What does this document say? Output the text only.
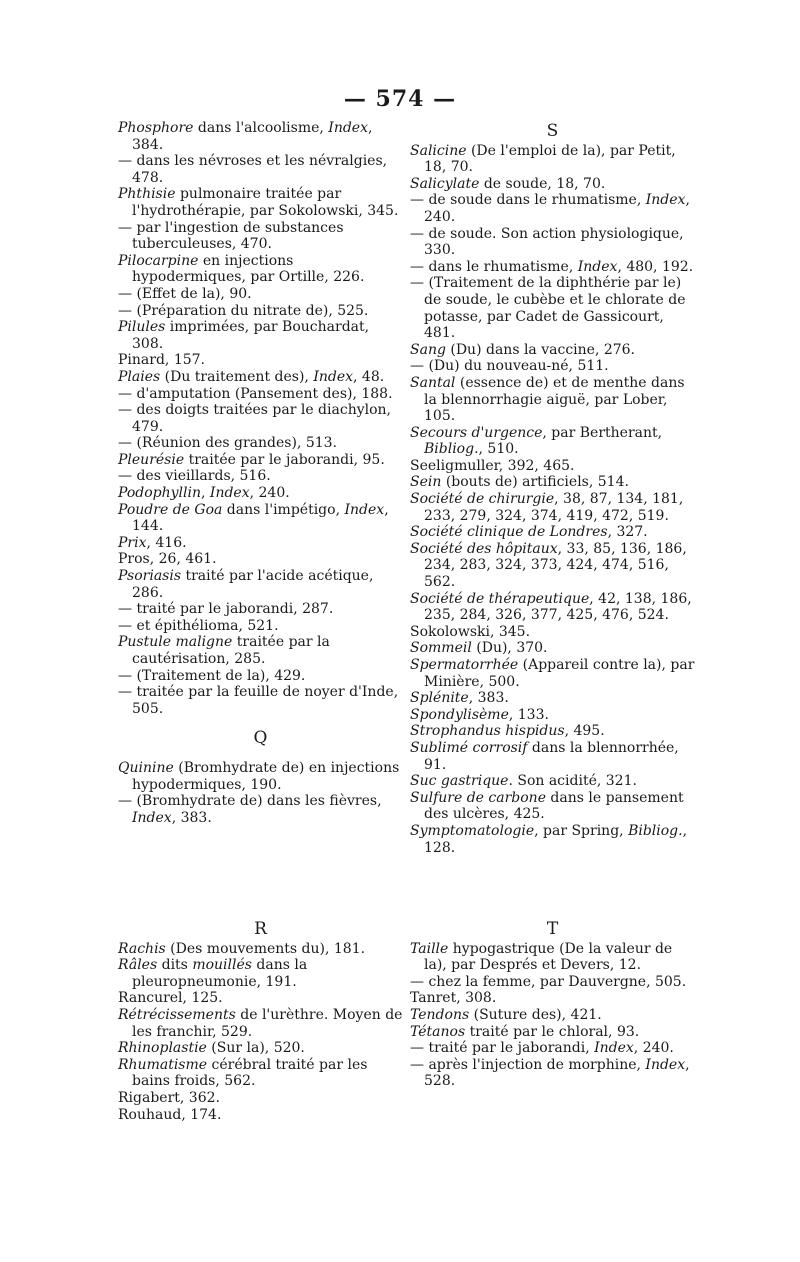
— 574 —

Phosphore dans l'alcoolisme, Index, 384.

— dans les névroses et les névralgies, 478.

Phthisie pulmonaire traitée par l'hydrothérapie, par Sokolowski, 345.

— par l'ingestion de substances tuberculeuses, 470.

Pilocarpine en injections hypodermiques, par Ortille, 226.

— (Effet de la), 90.

— (Préparation du nitrate de), 525.

Pilules imprimées, par Bouchardat, 308.

Pinard, 157.

Plaies (Du traitement des), Index, 48.

— d'amputation (Pansement des), 188.

— des doigts traitées par le diachylon, 479.

— (Réunion des grandes), 513.

Pleurésie traitée par le jaborandi, 95.

— des vieillards, 516.

Podophyllin, Index, 240.

Poudre de Goa dans l'impétigo, Index, 144.

Prix, 416.

Pros, 26, 461.

Psoriasis traité par l'acide acétique, 286.

— traité par le jaborandi, 287.

— et épithélioma, 521.

Pustule maligne traitée par la cautérisation, 285.

— (Traitement de la), 429.

— traitée par la feuille de noyer d'Inde, 505.

Q

Quinine (Bromhydrate de) en injections hypodermiques, 190.

— (Bromhydrate de) dans les fièvres, Index, 383.

S

Salicine (De l'emploi de la), par Petit, 18, 70.

Salicylate de soude, 18, 70.

— de soude dans le rhumatisme, Index, 240.

— de soude. Son action physiologique, 330.

— dans le rhumatisme, Index, 480, 192.

— (Traitement de la diphthérie par le) de soude, le cubèbe et le chlorate de potasse, par Cadet de Gassicourt, 481.

Sang (Du) dans la vaccine, 276.

— (Du) du nouveau-né, 511.

Santal (essence de) et de menthe dans la blennorrhagie aiguë, par Lober, 105.

Secours d'urgence, par Bertherant, Bibliog., 510.

Seeligmuller, 392, 465.

Sein (bouts de) artificiels, 514.

Société de chirurgie, 38, 87, 134, 181, 233, 279, 324, 374, 419, 472, 519.

Société clinique de Londres, 327.

Société des hôpitaux, 33, 85, 136, 186, 234, 283, 324, 373, 424, 474, 516, 562.

Société de thérapeutique, 42, 138, 186, 235, 284, 326, 377, 425, 476, 524.

Sokolowski, 345.

Sommeil (Du), 370.

Spermatorrhée (Appareil contre la), par Minière, 500.

Splénite, 383.

Spondylisème, 133.

Strophandus hispidus, 495.

Sublimé corrosif dans la blennorrhée, 91.

Suc gastrique. Son acidité, 321.

Sulfure de carbone dans le pansement des ulcères, 425.

Symptomatologie, par Spring, Bibliog., 128.

R

Rachis (Des mouvements du), 181.

Râles dits mouillés dans la pleuropneumonie, 191.

Rancurel, 125.

Rétrécissements de l'urèthre. Moyen de les franchir, 529.

Rhinoplastie (Sur la), 520.

Rhumatisme cérébral traité par les bains froids, 562.

Rigabert, 362.

Rouhaud, 174.

T

Taille hypogastrique (De la valeur de la), par Després et Devers, 12.

— chez la femme, par Dauvergne, 505.

Tanret, 308.

Tendons (Suture des), 421.

Tétanos traité par le chloral, 93.

— traité par le jaborandi, Index, 240.

— après l'injection de morphine, Index, 528.
